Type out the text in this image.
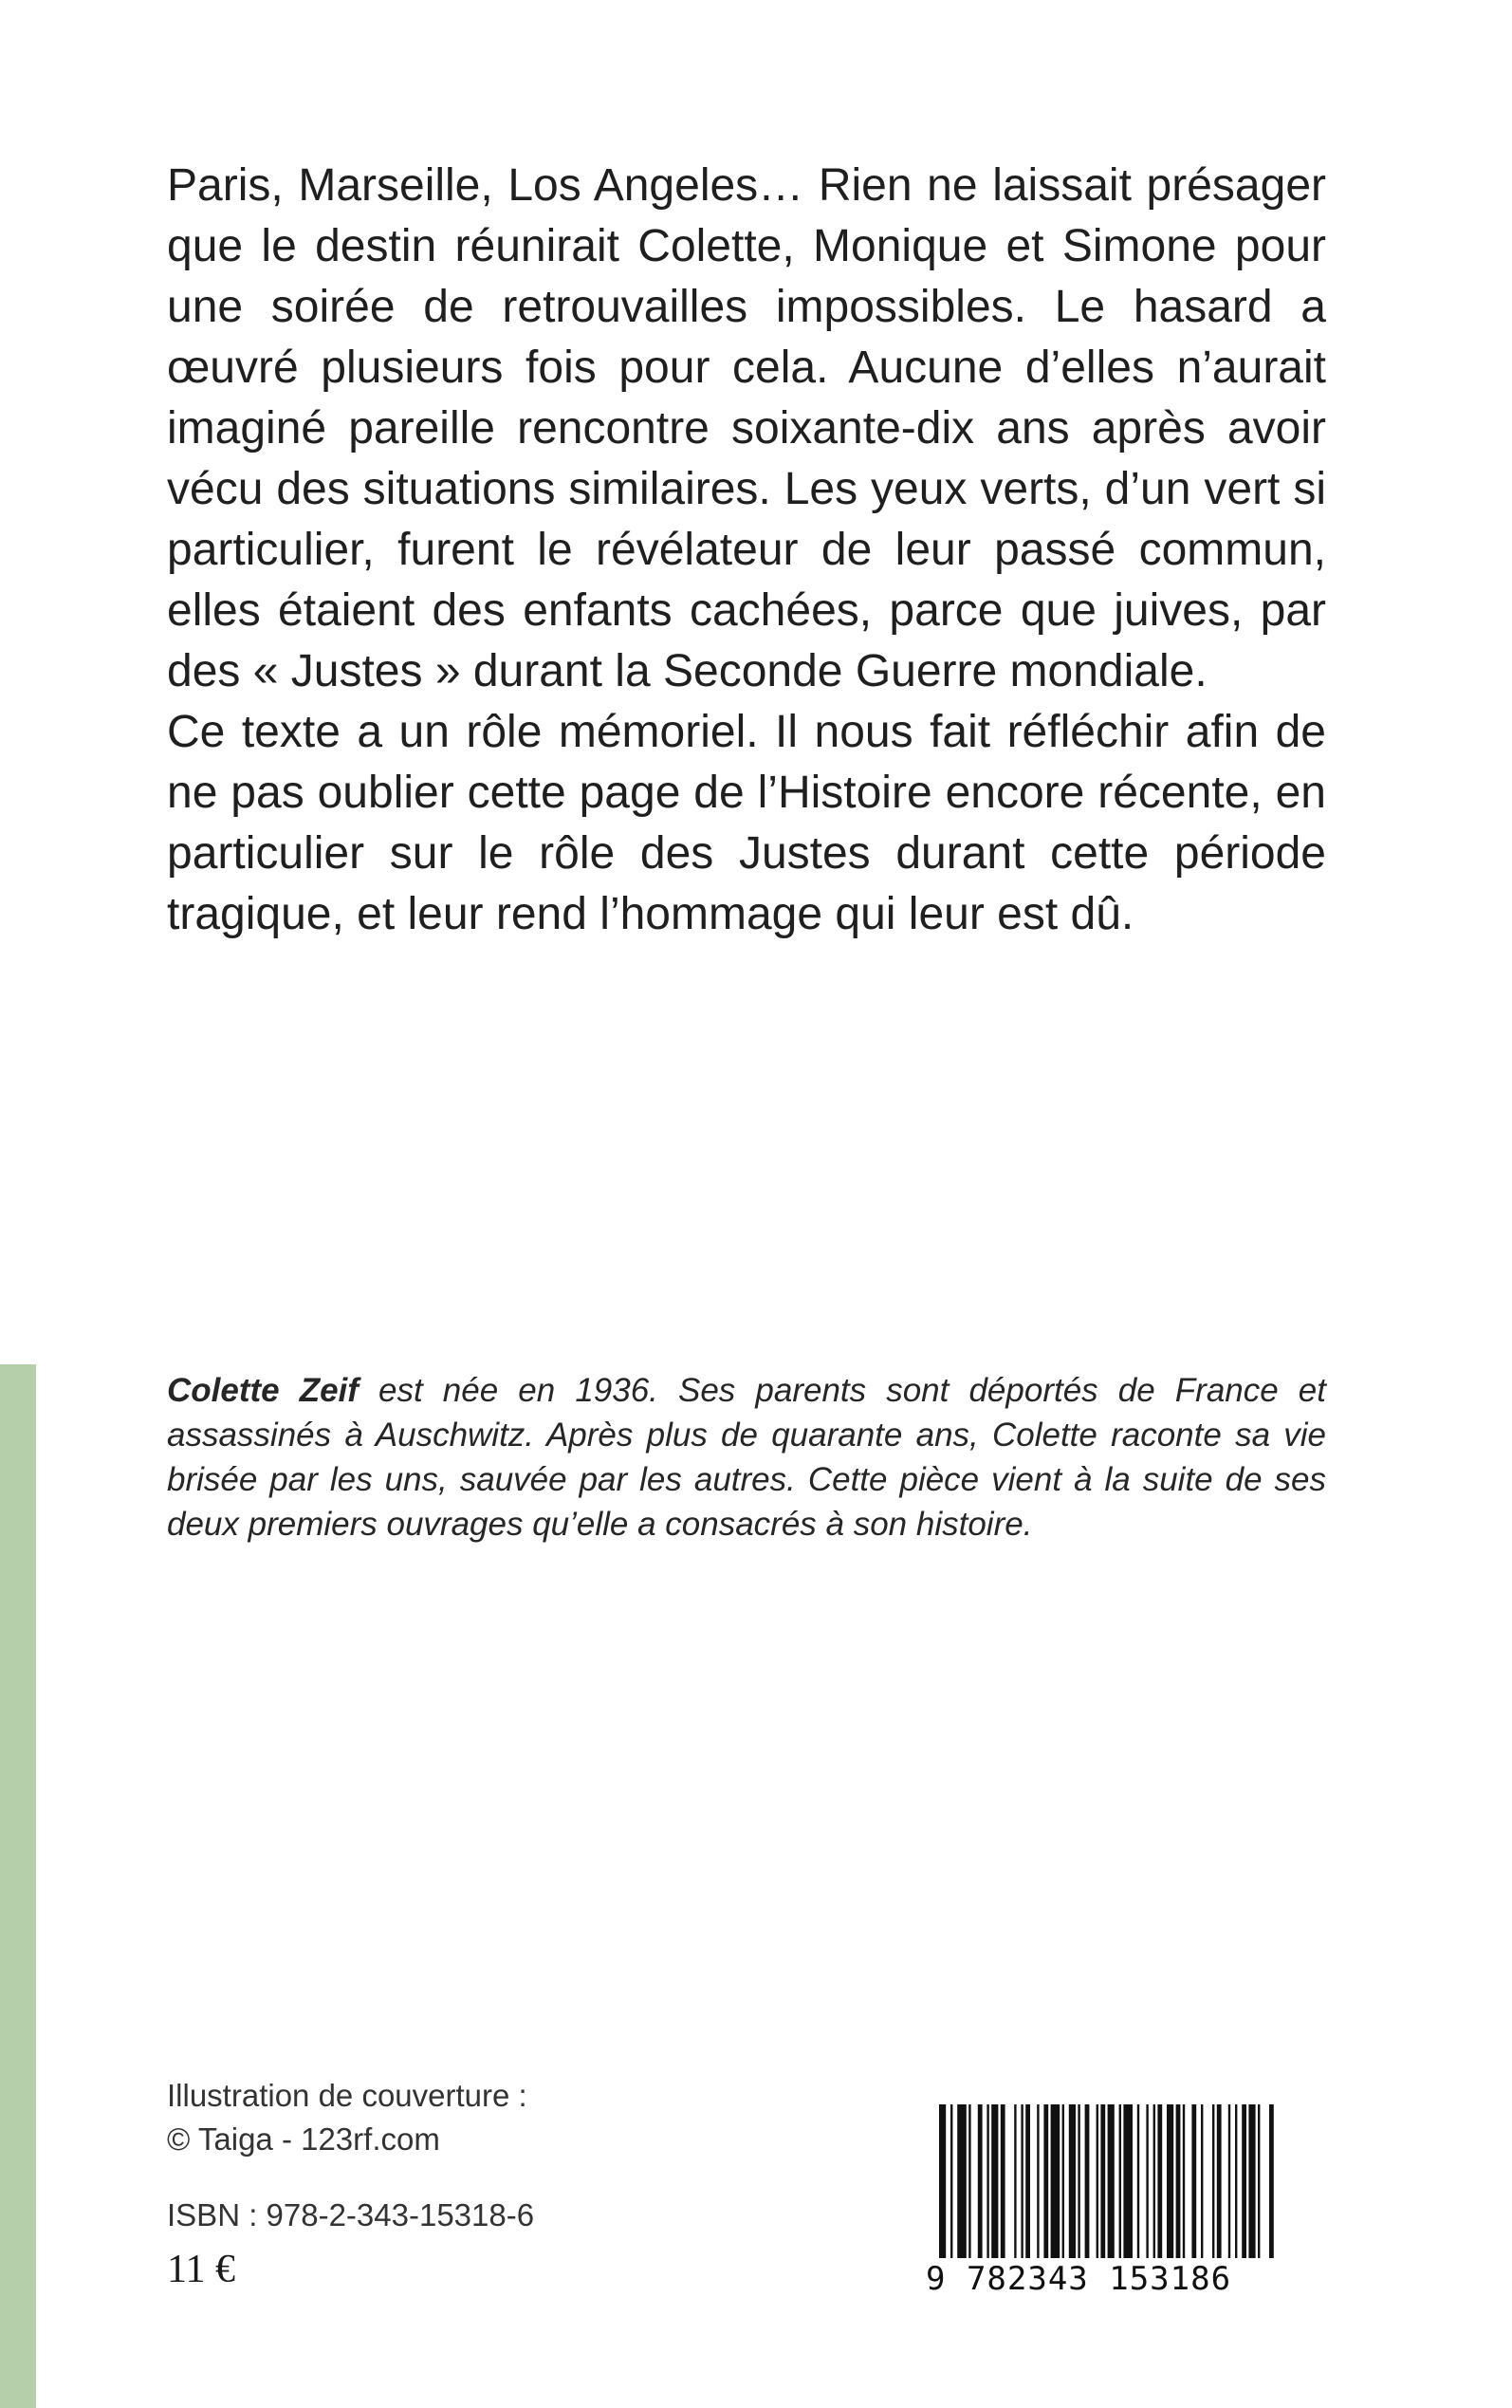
Paris, Marseille, Los Angeles… Rien ne laissait présager que le destin réunirait Colette, Monique et Simone pour une soirée de retrouvailles impossibles. Le hasard a œuvré plusieurs fois pour cela. Aucune d’elles n’aurait imaginé pareille rencontre soixante-dix ans après avoir vécu des situations similaires. Les yeux verts, d’un vert si particulier, furent le révélateur de leur passé commun, elles étaient des enfants cachées, parce que juives, par des « Justes » durant la Seconde Guerre mondiale.

Ce texte a un rôle mémoriel. Il nous fait réfléchir afin de ne pas oublier cette page de l’Histoire encore récente, en particulier sur le rôle des Justes durant cette période tragique, et leur rend l’hommage qui leur est dû.

Colette Zeif est née en 1936. Ses parents sont déportés de France et assassinés à Auschwitz. Après plus de quarante ans, Colette raconte sa vie brisée par les uns, sauvée par les autres. Cette pièce vient à la suite de ses deux premiers ouvrages qu’elle a consacrés à son histoire.
Illustration de couverture :
© Taiga - 123rf.com
ISBN : 978-2-343-15318-6
11 €	9 782343 153186
